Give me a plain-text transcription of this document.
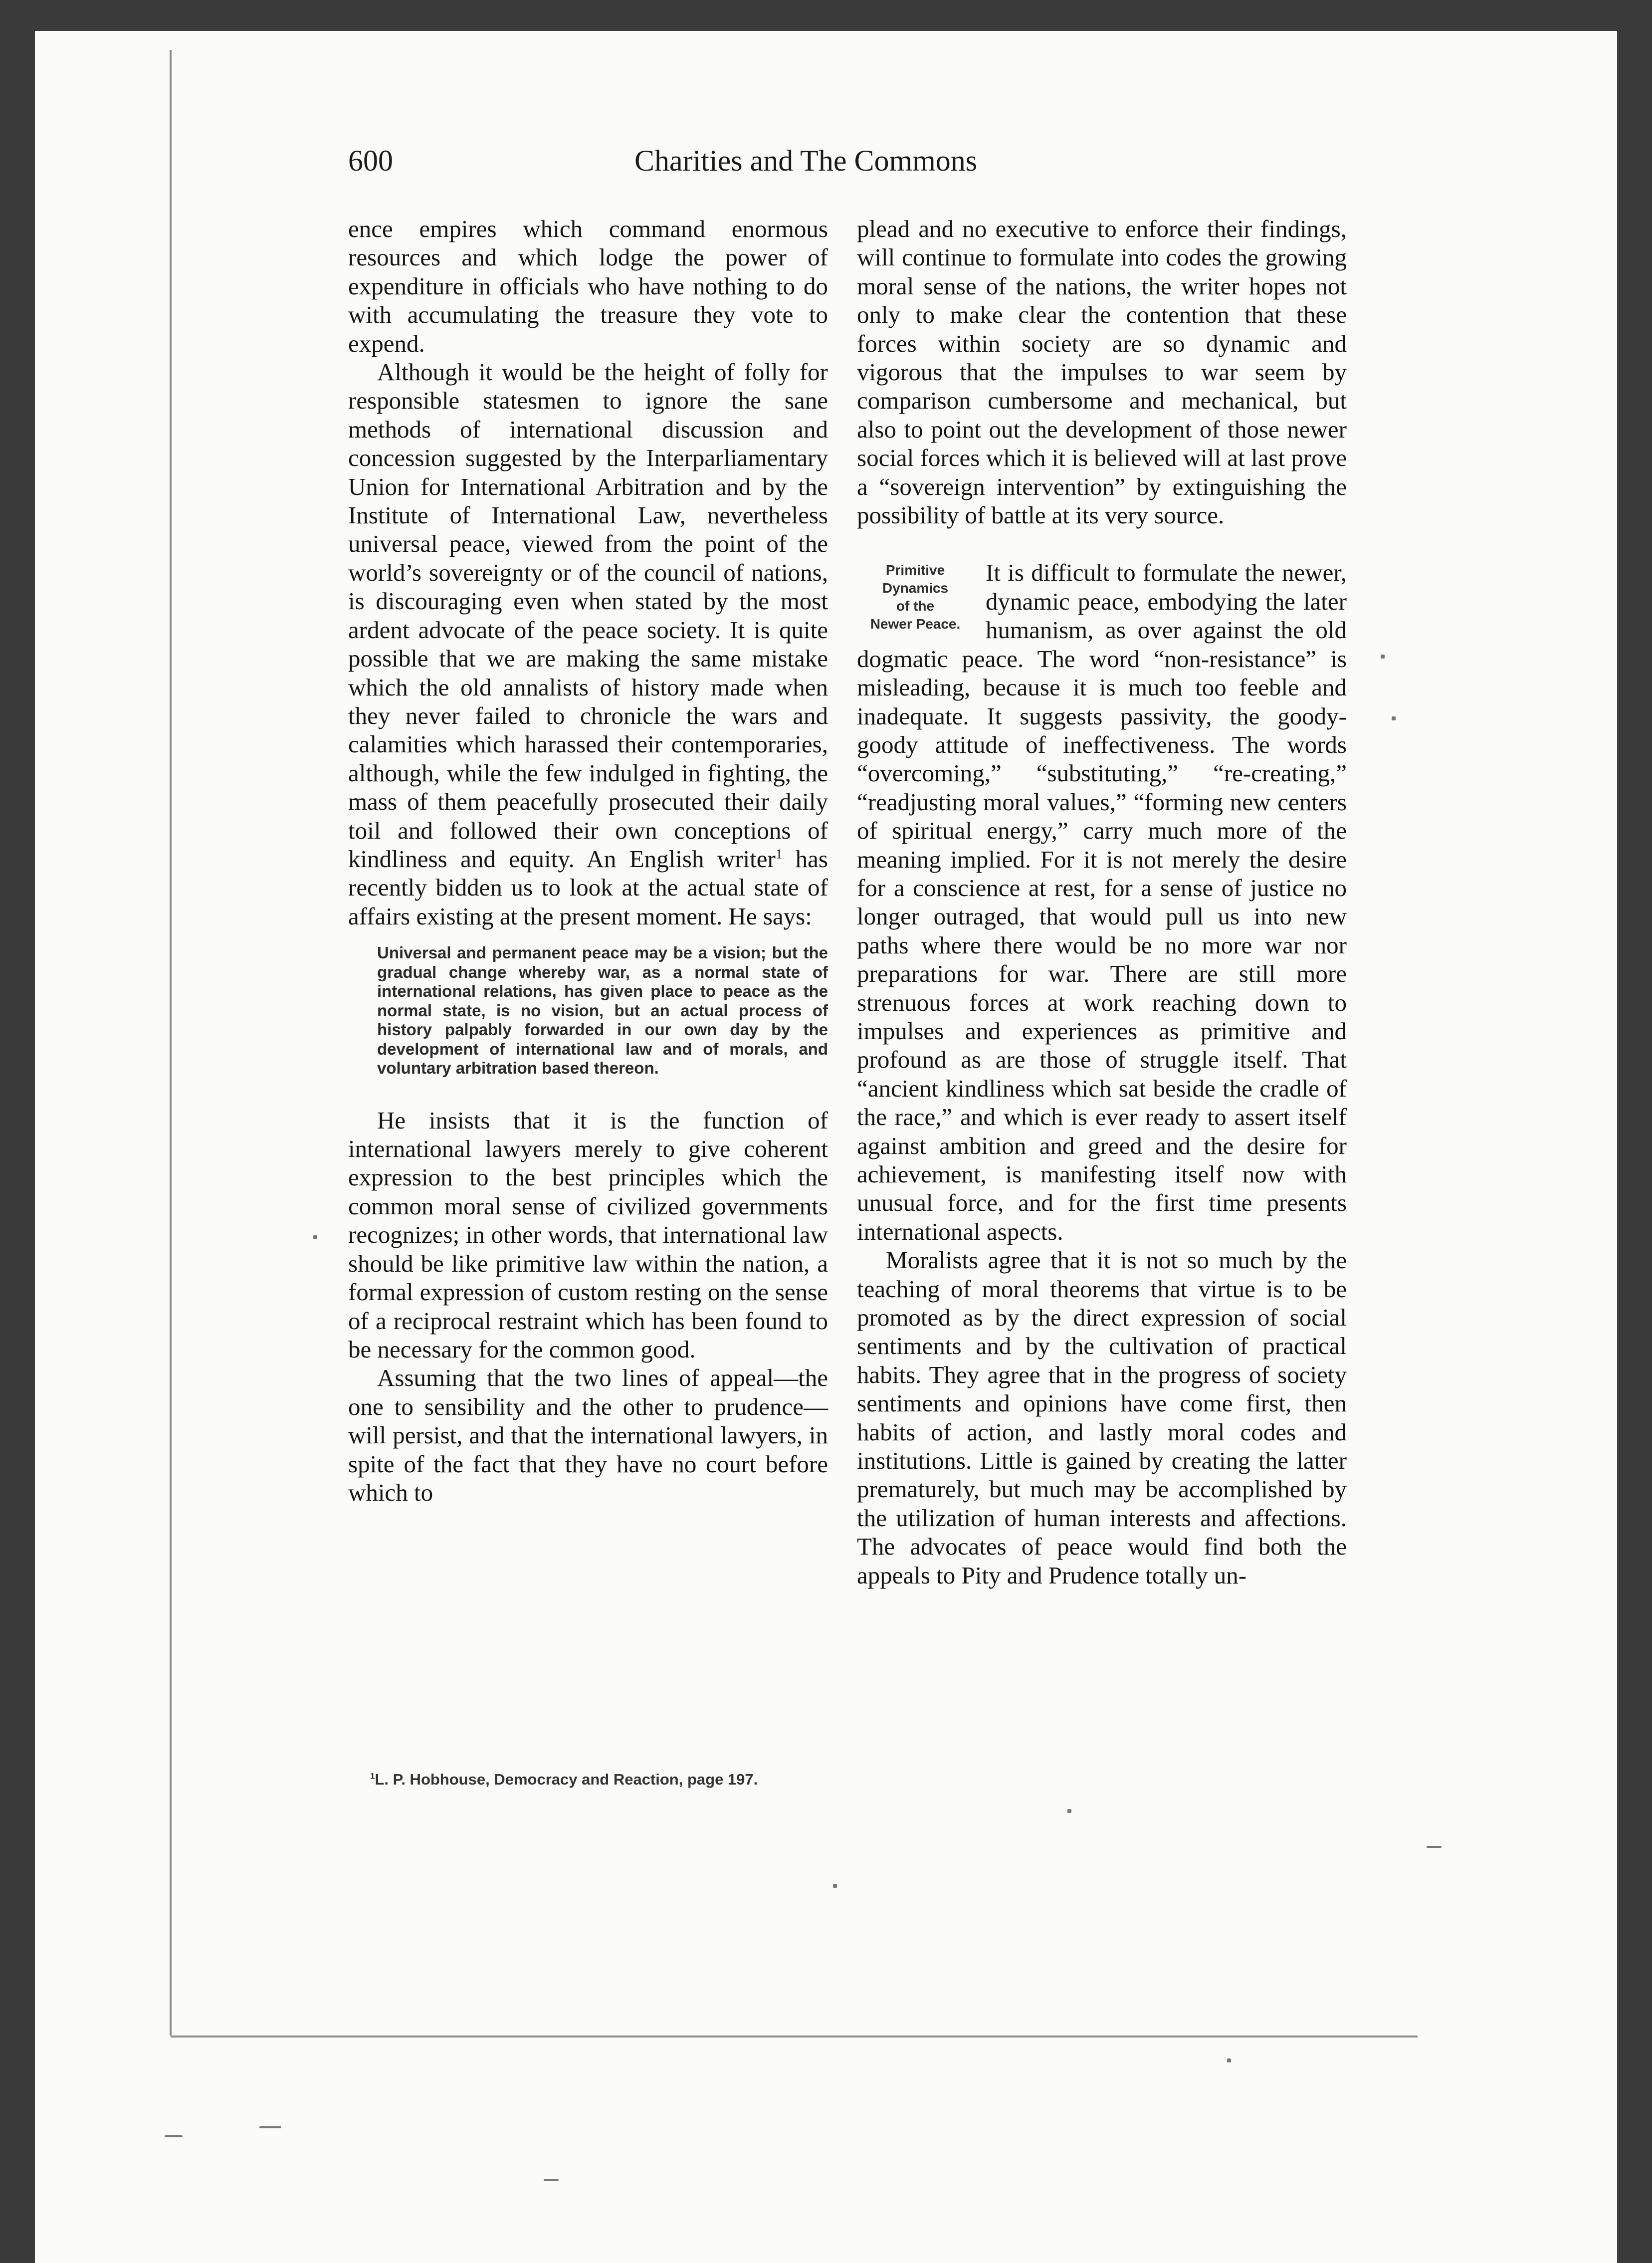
600	Charities and The Commons

ence empires which command enormous resources and which lodge the power of expenditure in officials who have nothing to do with accumulating the treasure they vote to expend.

Although it would be the height of folly for responsible statesmen to ignore the sane methods of international discussion and concession suggested by the Interparliamentary Union for International Arbitration and by the Institute of International Law, nevertheless universal peace, viewed from the point of the world’s sovereignty or of the council of nations, is discouraging even when stated by the most ardent advocate of the peace society. It is quite possible that we are making the same mistake which the old annalists of history made when they never failed to chronicle the wars and calamities which harassed their contemporaries, although, while the few indulged in fighting, the mass of them peacefully prosecuted their daily toil and followed their own conceptions of kindliness and equity. An English writer$^1$ has recently bidden us to look at the actual state of affairs existing at the present moment. He says:

Universal and permanent peace may be a vision; but the gradual change whereby war, as a normal state of international relations, has given place to peace as the normal state, is no vision, but an actual process of history palpably forwarded in our own day by the development of international law and of morals, and voluntary arbitration based thereon.

He insists that it is the function of international lawyers merely to give coherent expression to the best principles which the common moral sense of civilized governments recognizes; in other words, that international law should be like primitive law within the nation, a formal expression of custom resting on the sense of a reciprocal restraint which has been found to be necessary for the common good.

Assuming that the two lines of appeal—the one to sensibility and the other to prudence—will persist, and that the international lawyers, in spite of the fact that they have no court before which to

$^1$L. P. Hobhouse, Democracy and Reaction, page 197.

plead and no executive to enforce their findings, will continue to formulate into codes the growing moral sense of the nations, the writer hopes not only to make clear the contention that these forces within society are so dynamic and vigorous that the impulses to war seem by comparison cumbersome and mechanical, but also to point out the development of those newer social forces which it is believed will at last prove a “sovereign intervention” by extinguishing the possibility of battle at its very source.

Primitive
Dynamics
of the
Newer Peace.

It is difficult to formulate the newer, dynamic peace, embodying the later humanism, as over against the old dogmatic peace. The word “non-resistance” is misleading, because it is much too feeble and inadequate. It suggests passivity, the goody-goody attitude of ineffectiveness. The words “overcoming,” “substituting,” “re-creating,” “readjusting moral values,” “forming new centers of spiritual energy,” carry much more of the meaning implied. For it is not merely the desire for a conscience at rest, for a sense of justice no longer outraged, that would pull us into new paths where there would be no more war nor preparations for war. There are still more strenuous forces at work reaching down to impulses and experiences as primitive and profound as are those of struggle itself. That “ancient kindliness which sat beside the cradle of the race,” and which is ever ready to assert itself against ambition and greed and the desire for achievement, is manifesting itself now with unusual force, and for the first time presents international aspects.

Moralists agree that it is not so much by the teaching of moral theorems that virtue is to be promoted as by the direct expression of social sentiments and by the cultivation of practical habits. They agree that in the progress of society sentiments and opinions have come first, then habits of action, and lastly moral codes and institutions. Little is gained by creating the latter prematurely, but much may be accomplished by the utilization of human interests and affections. The advocates of peace would find both the appeals to Pity and Prudence totally un-
